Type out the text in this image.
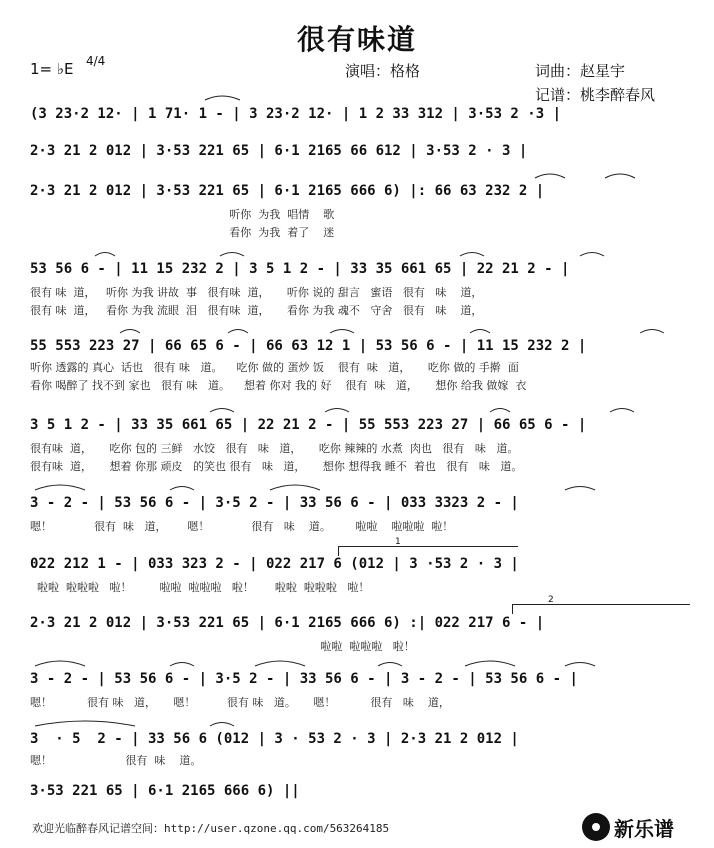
很有味道
1= ♭E 4/4
演唱：格格	词曲：赵星宇
记谱：桃李醉春风
(3 23·2 12· | 1 71· 1 - | 3 23·2 12· | 1 2 33 312 | 3·53 2 ·3 |
2·3 21 2 012 | 3·53 221 65 | 6·1 2165 66 612 | 3·53 2 · 3 |
2·3 21 2 012 | 3·53 221 65 | 6·1 2165 666 6) |: 66 63 232 2 |
听你  为我  唱情    歌
看你  为我  着了    迷
53 56 6 - | 11 15 232 2 | 3 5 1 2 - | 33 35 661 65 | 22 21 2 - |
很有 味  道，   听你 为我 讲故  事   很有味  道，     听你 说的 甜言   蜜语   很有   味    道，
很有 味  道，   看你 为我 流眼  泪   很有味  道，     看你 为我 魂不   守舍   很有   味    道，
55 553 223 27 | 66 65 6 - | 66 63 12 1 | 53 56 6 - | 11 15 232 2 |
听你 透露的 真心  话也   很有 味   道。    吃你 做的 蛋炒 饭    很有  味   道，     吃你 做的 手擀  面
看你 喝醉了 找不到 家也   很有 味   道。    想着 你对 我的 好    很有  味   道，     想你 给我 做嫁  衣
3 5 1 2 - | 33 35 661 65 | 22 21 2 - | 55 553 223 27 | 66 65 6 - |
很有味  道，     吃你 包的 三鲜   水饺   很有   味   道，     吃你 辣辣的 水煮  肉也   很有   味   道。
很有味  道，     想着 你那 顽皮   的笑也 很有   味   道，     想你 想得我 睡不  着也   很有   味   道。
3 - 2 - | 53 56 6 - | 3·5 2 - | 33 56 6 - | 033 3323 2 - |
嗯！            很有  味   道，      嗯！            很有   味    道。       啦啦    啦啦啦  啦！
1
022 212 1 - | 033 323 2 - | 022 217 6 (012 | 3 ·53 2 · 3 |
啦啦  啦啦啦   啦！        啦啦  啦啦啦   啦！      啦啦  啦啦啦   啦！
2
2·3 21 2 012 | 3·53 221 65 | 6·1 2165 666 6) :| 022 217 6 - |
啦啦  啦啦啦   啦！
3 - 2 - | 53 56 6 - | 3·5 2 - | 33 56 6 - | 3 - 2 - | 53 56 6 - |
嗯！          很有 味   道，     嗯！         很有 味   道。     嗯！          很有   味    道，
3  · 5  2 - | 33 56 6 (012 | 3 · 53 2 · 3 | 2·3 21 2 012 |
嗯！                     很有  味    道。
3·53 221 65 | 6·1 2165 666 6) ||
欢迎光临醉春风记谱空间：http://user.qzone.qq.com/563264185	新乐谱
